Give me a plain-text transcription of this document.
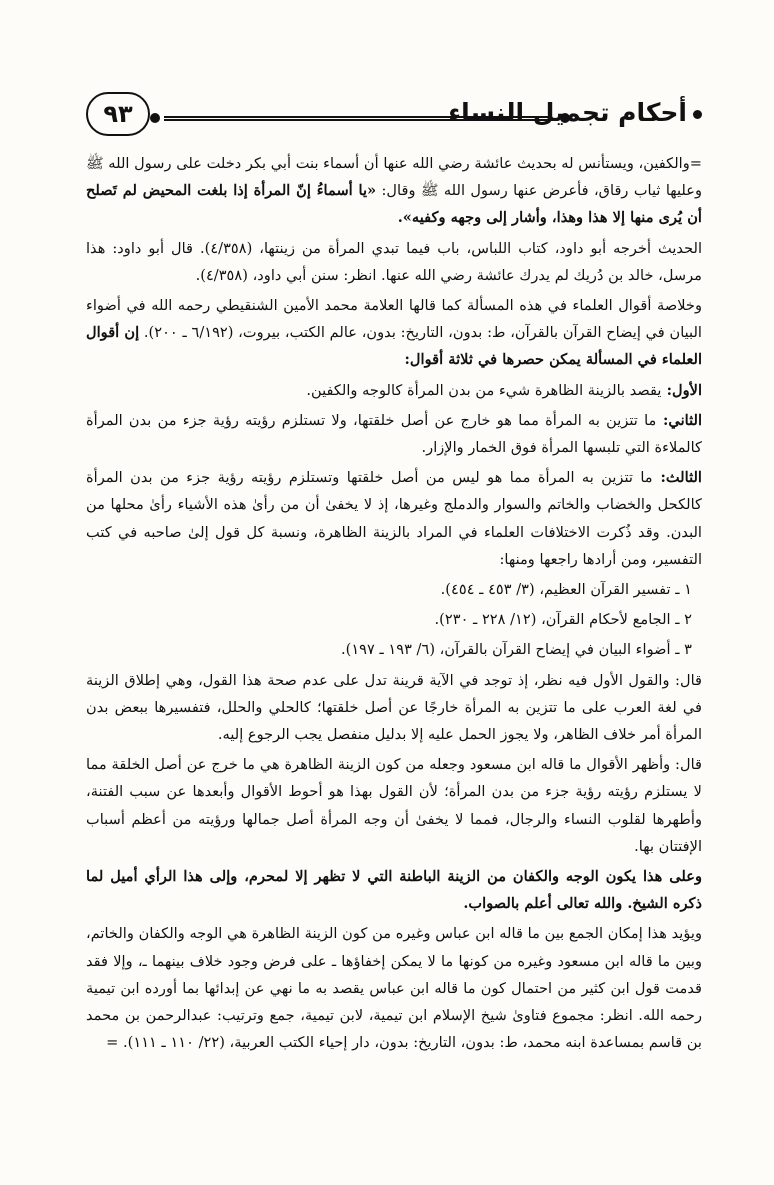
٩٣	أحكام تجميل النساء

=والكفين، ويستأنس له بحديث عائشة رضي الله عنها أن أسماء بنت أبي بكر دخلت على رسول الله ﷺ وعليها ثياب رقاق، فأعرض عنها رسول الله ﷺ وقال: «يا أسماءُ إنّ المرأة إذا بلغت المحيض لم تَصلح أن يُرى منها إلا هذا وهذا، وأشار إلى وجهه وكفيه».

الحديث أخرجه أبو داود، كتاب اللباس، باب فيما تبدي المرأة من زينتها، (٤/٣٥٨). قال أبو داود: هذا مرسل، خالد بن دُريك لم يدرك عائشة رضي الله عنها. انظر: سنن أبي داود، (٤/٣٥٨).

وخلاصة أقوال العلماء في هذه المسألة كما قالها العلامة محمد الأمين الشنقيطي رحمه الله في أضواء البيان في إيضاح القرآن بالقرآن، ط: بدون، التاريخ: بدون، عالم الكتب، بيروت، (٦/١٩٢ ـ ٢٠٠). إن أقوال العلماء في المسألة يمكن حصرها في ثلاثة أقوال:

الأول: يقصد بالزينة الظاهرة شيء من بدن المرأة كالوجه والكفين.

الثاني: ما تتزين به المرأة مما هو خارج عن أصل خلقتها، ولا تستلزم رؤيته رؤية جزء من بدن المرأة كالملاءة التي تلبسها المرأة فوق الخمار والإزار.

الثالث: ما تتزين به المرأة مما هو ليس من أصل خلقتها وتستلزم رؤيته رؤية جزء من بدن المرأة كالكحل والخضاب والخاتم والسوار والدملج وغيرها، إذ لا يخفىٰ أن من رأىٰ هذه الأشياء رأىٰ محلها من البدن. وقد ذُكرت الاختلافات العلماء في المراد بالزينة الظاهرة، ونسبة كل قول إلىٰ صاحبه في كتب التفسير، ومن أرادها راجعها ومنها:

١ ـ تفسير القرآن العظيم، (٣/ ٤٥٣ ـ ٤٥٤).

٢ ـ الجامع لأحكام القرآن، (١٢/ ٢٢٨ ـ ٢٣٠).

٣ ـ أضواء البيان في إيضاح القرآن بالقرآن، (٦/ ١٩٣ ـ ١٩٧).

قال: والقول الأول فيه نظر، إذ توجد في الآية قرينة تدل على عدم صحة هذا القول، وهي إطلاق الزينة في لغة العرب على ما تتزين به المرأة خارجًا عن أصل خلقتها؛ كالحلي والحلل، فتفسيرها ببعض بدن المرأة أمر خلاف الظاهر، ولا يجوز الحمل عليه إلا بدليل منفصل يجب الرجوع إليه.

قال: وأظهر الأقوال ما قاله ابن مسعود وجعله من كون الزينة الظاهرة هي ما خرج عن أصل الخلقة مما لا يستلزم رؤيته رؤية جزء من بدن المرأة؛ لأن القول بهذا هو أحوط الأقوال وأبعدها عن سبب الفتنة، وأطهرها لقلوب النساء والرجال، فمما لا يخفىٰ أن وجه المرأة أصل جمالها ورؤيته من أعظم أسباب الإفتتان بها.

وعلى هذا يكون الوجه والكفان من الزينة الباطنة التي لا تظهر إلا لمحرم، وإلى هذا الرأي أميل لما ذكره الشيخ. والله تعالى أعلم بالصواب.

ويؤيد هذا إمكان الجمع بين ما قاله ابن عباس وغيره من كون الزينة الظاهرة هي الوجه والكفان والخاتم، وبين ما قاله ابن مسعود وغيره من كونها ما لا يمكن إخفاؤها ـ على فرض وجود خلاف بينهما ـ، وإلا فقد قدمت قول ابن كثير من احتمال كون ما قاله ابن عباس يقصد به ما نهي عن إبدائها بما أورده ابن تيمية رحمه الله. انظر: مجموع فتاوىٰ شيخ الإسلام ابن تيمية، لابن تيمية، جمع وترتيب: عبدالرحمن بن محمد بن قاسم بمساعدة ابنه محمد، ط: بدون، التاريخ: بدون، دار إحياء الكتب العربية، (٢٢/ ١١٠ ـ ١١١). =
